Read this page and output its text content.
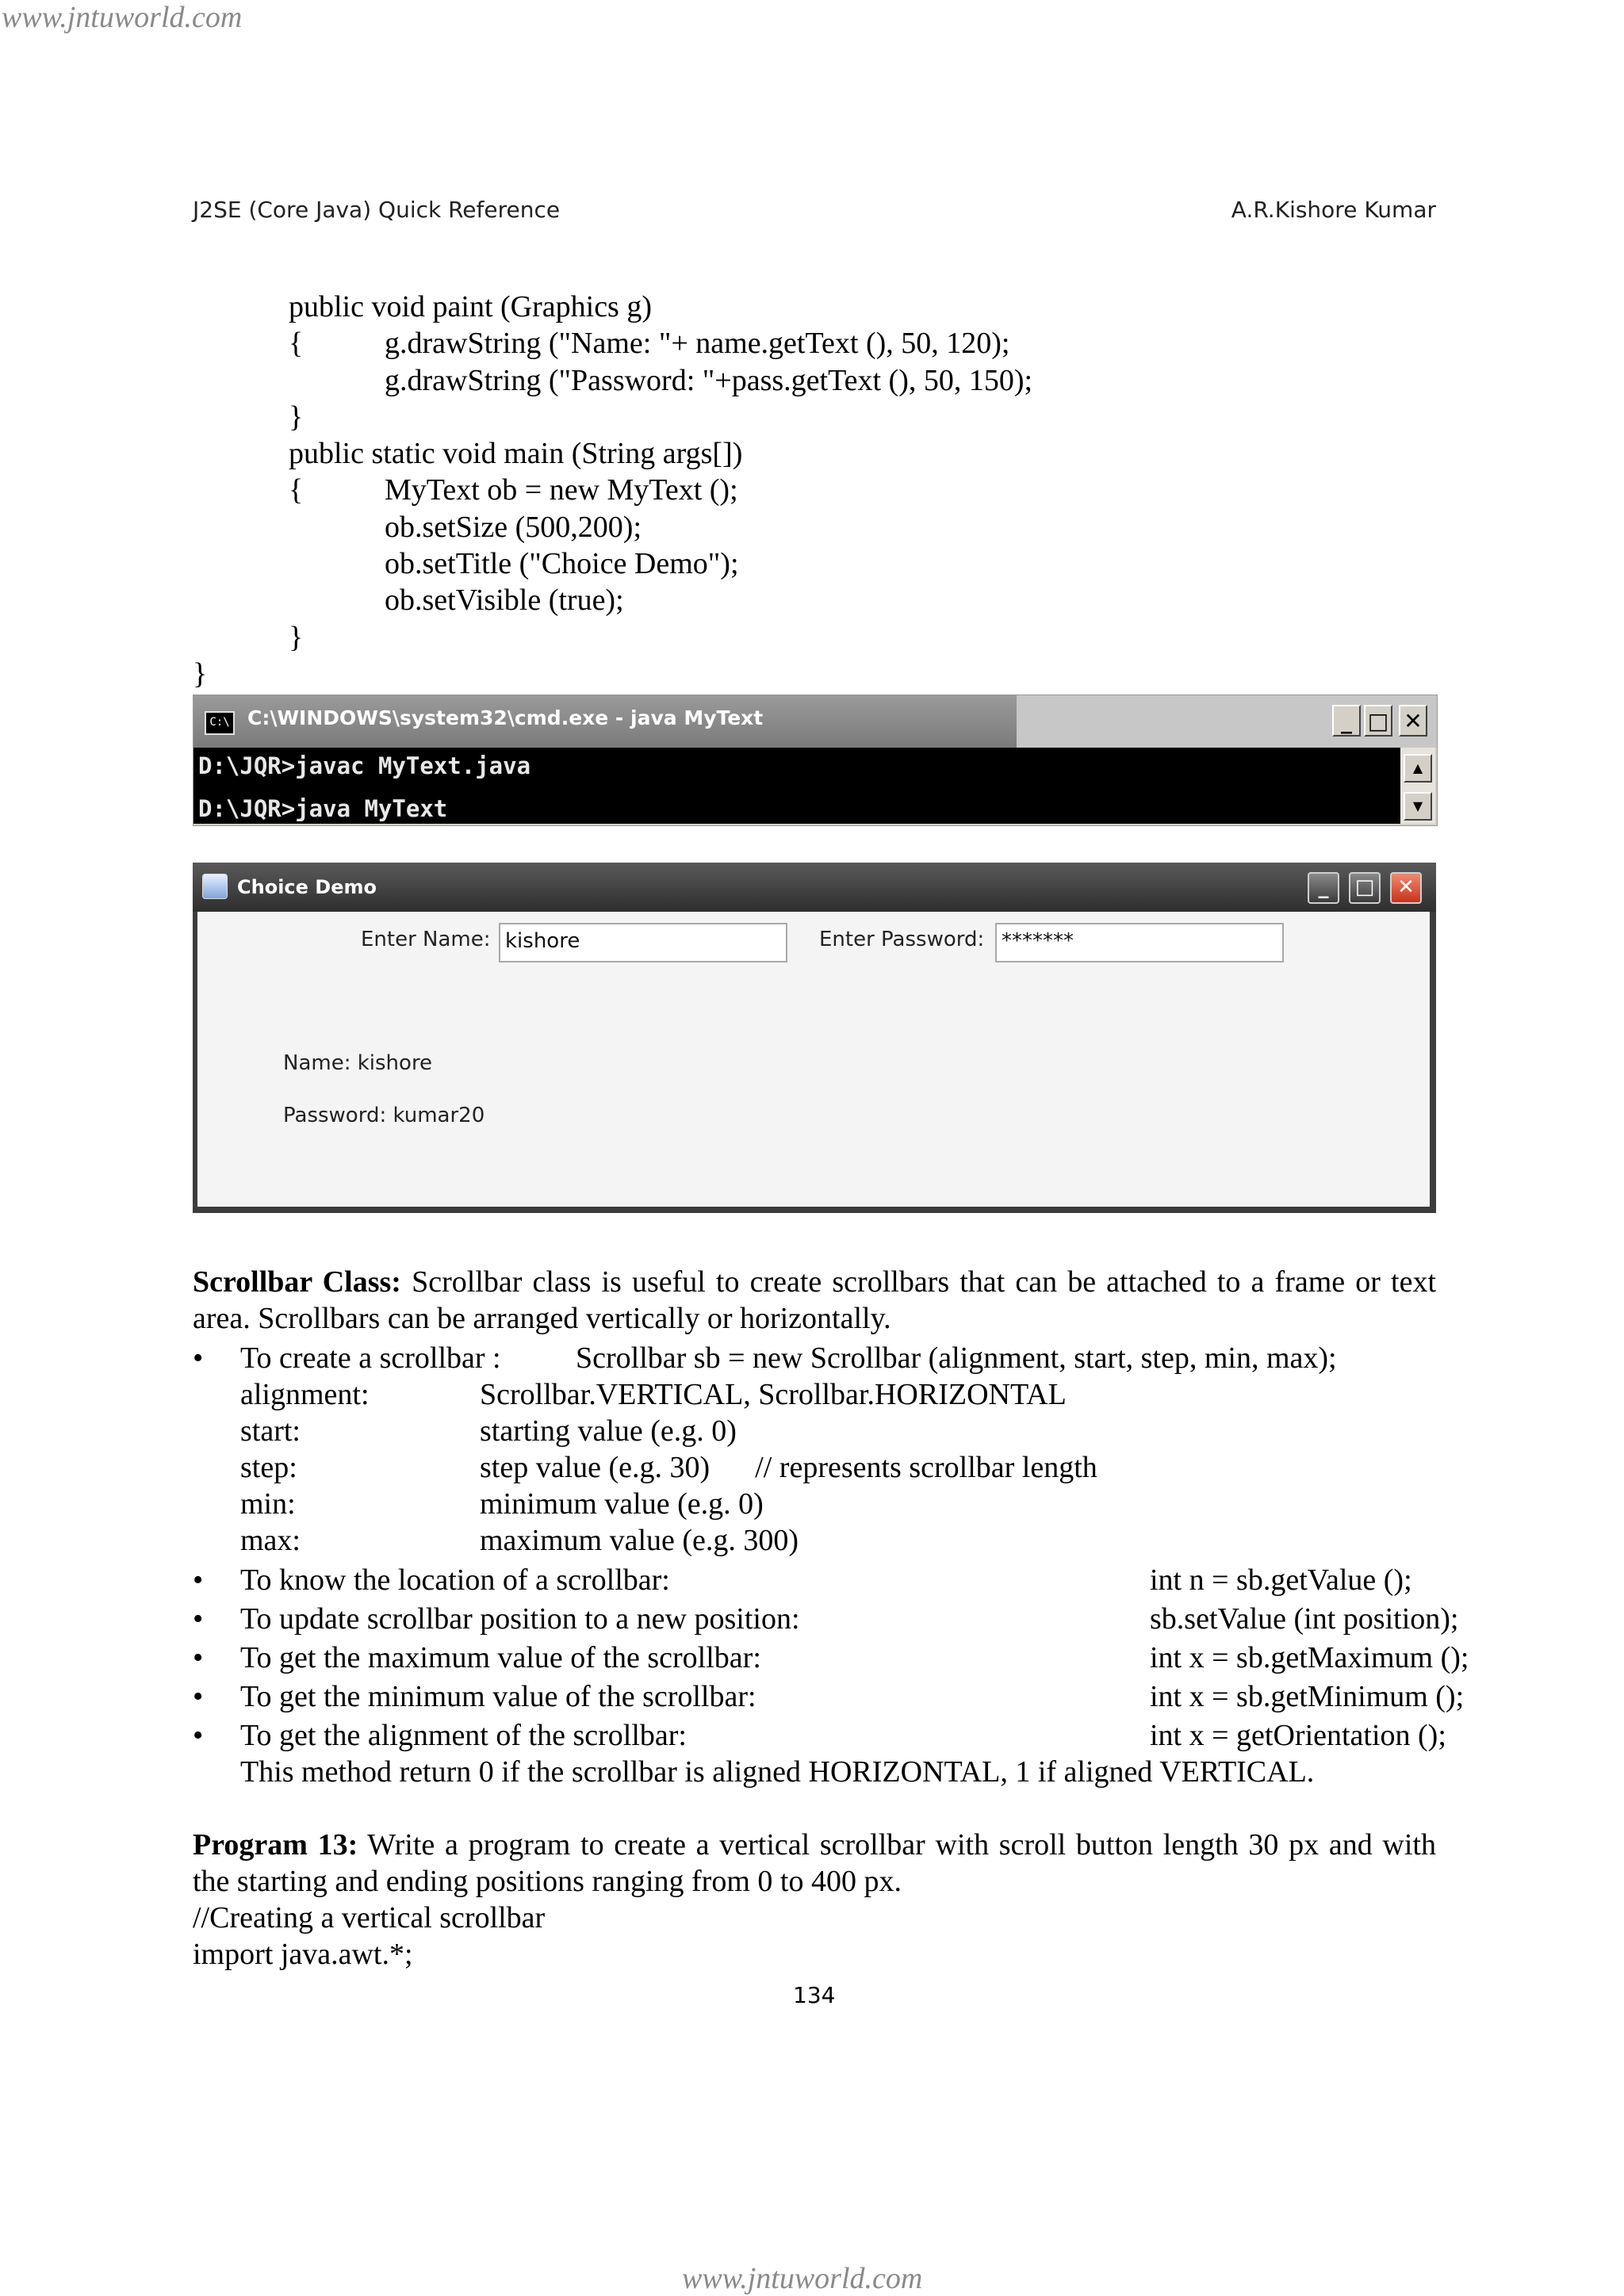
www.jntuworld.com
J2SE (Core Java) Quick Reference	A.R.Kishore Kumar
public void paint (Graphics g)
{	g.drawString ("Name: "+ name.getText (), 50, 120);
g.drawString ("Password: "+pass.getText (), 50, 150);
}
public static void main (String args[])
{	MyText ob = new MyText ();
ob.setSize (500,200);
ob.setTitle ("Choice Demo");
ob.setVisible (true);
}
}
C:\ C:\WINDOWS\system32\cmd.exe - java MyText	_ □ ✕
D:\JQR>javac MyText.java
D:\JQR>java MyText
▲
▼
Choice Demo	_	□	✕
Enter Name: kishore	Enter Password: *******
Name: kishore
Password: kumar20
Scrollbar Class: Scrollbar class is useful to create scrollbars that can be attached to a frame or text area. Scrollbars can be arranged vertically or horizontally.
• To create a scrollbar : Scrollbar sb = new Scrollbar (alignment, start, step, min, max);
alignment:	Scrollbar.VERTICAL, Scrollbar.HORIZONTAL
start:	starting value (e.g. 0)
step:	step value (e.g. 30)      // represents scrollbar length
min:	minimum value (e.g. 0)
max:	maximum value (e.g. 300)
• To know the location of a scrollbar:	int n = sb.getValue ();
• To update scrollbar position to a new position:	sb.setValue (int position);
• To get the maximum value of the scrollbar:	int x = sb.getMaximum ();
• To get the minimum value of the scrollbar:	int x = sb.getMinimum ();
• To get the alignment of the scrollbar:	int x = getOrientation ();
This method return 0 if the scrollbar is aligned HORIZONTAL, 1 if aligned VERTICAL.
Program 13: Write a program to create a vertical scrollbar with scroll button length 30 px and with the starting and ending positions ranging from 0 to 400 px.
//Creating a vertical scrollbar
import java.awt.*;
134
www.jntuworld.com
